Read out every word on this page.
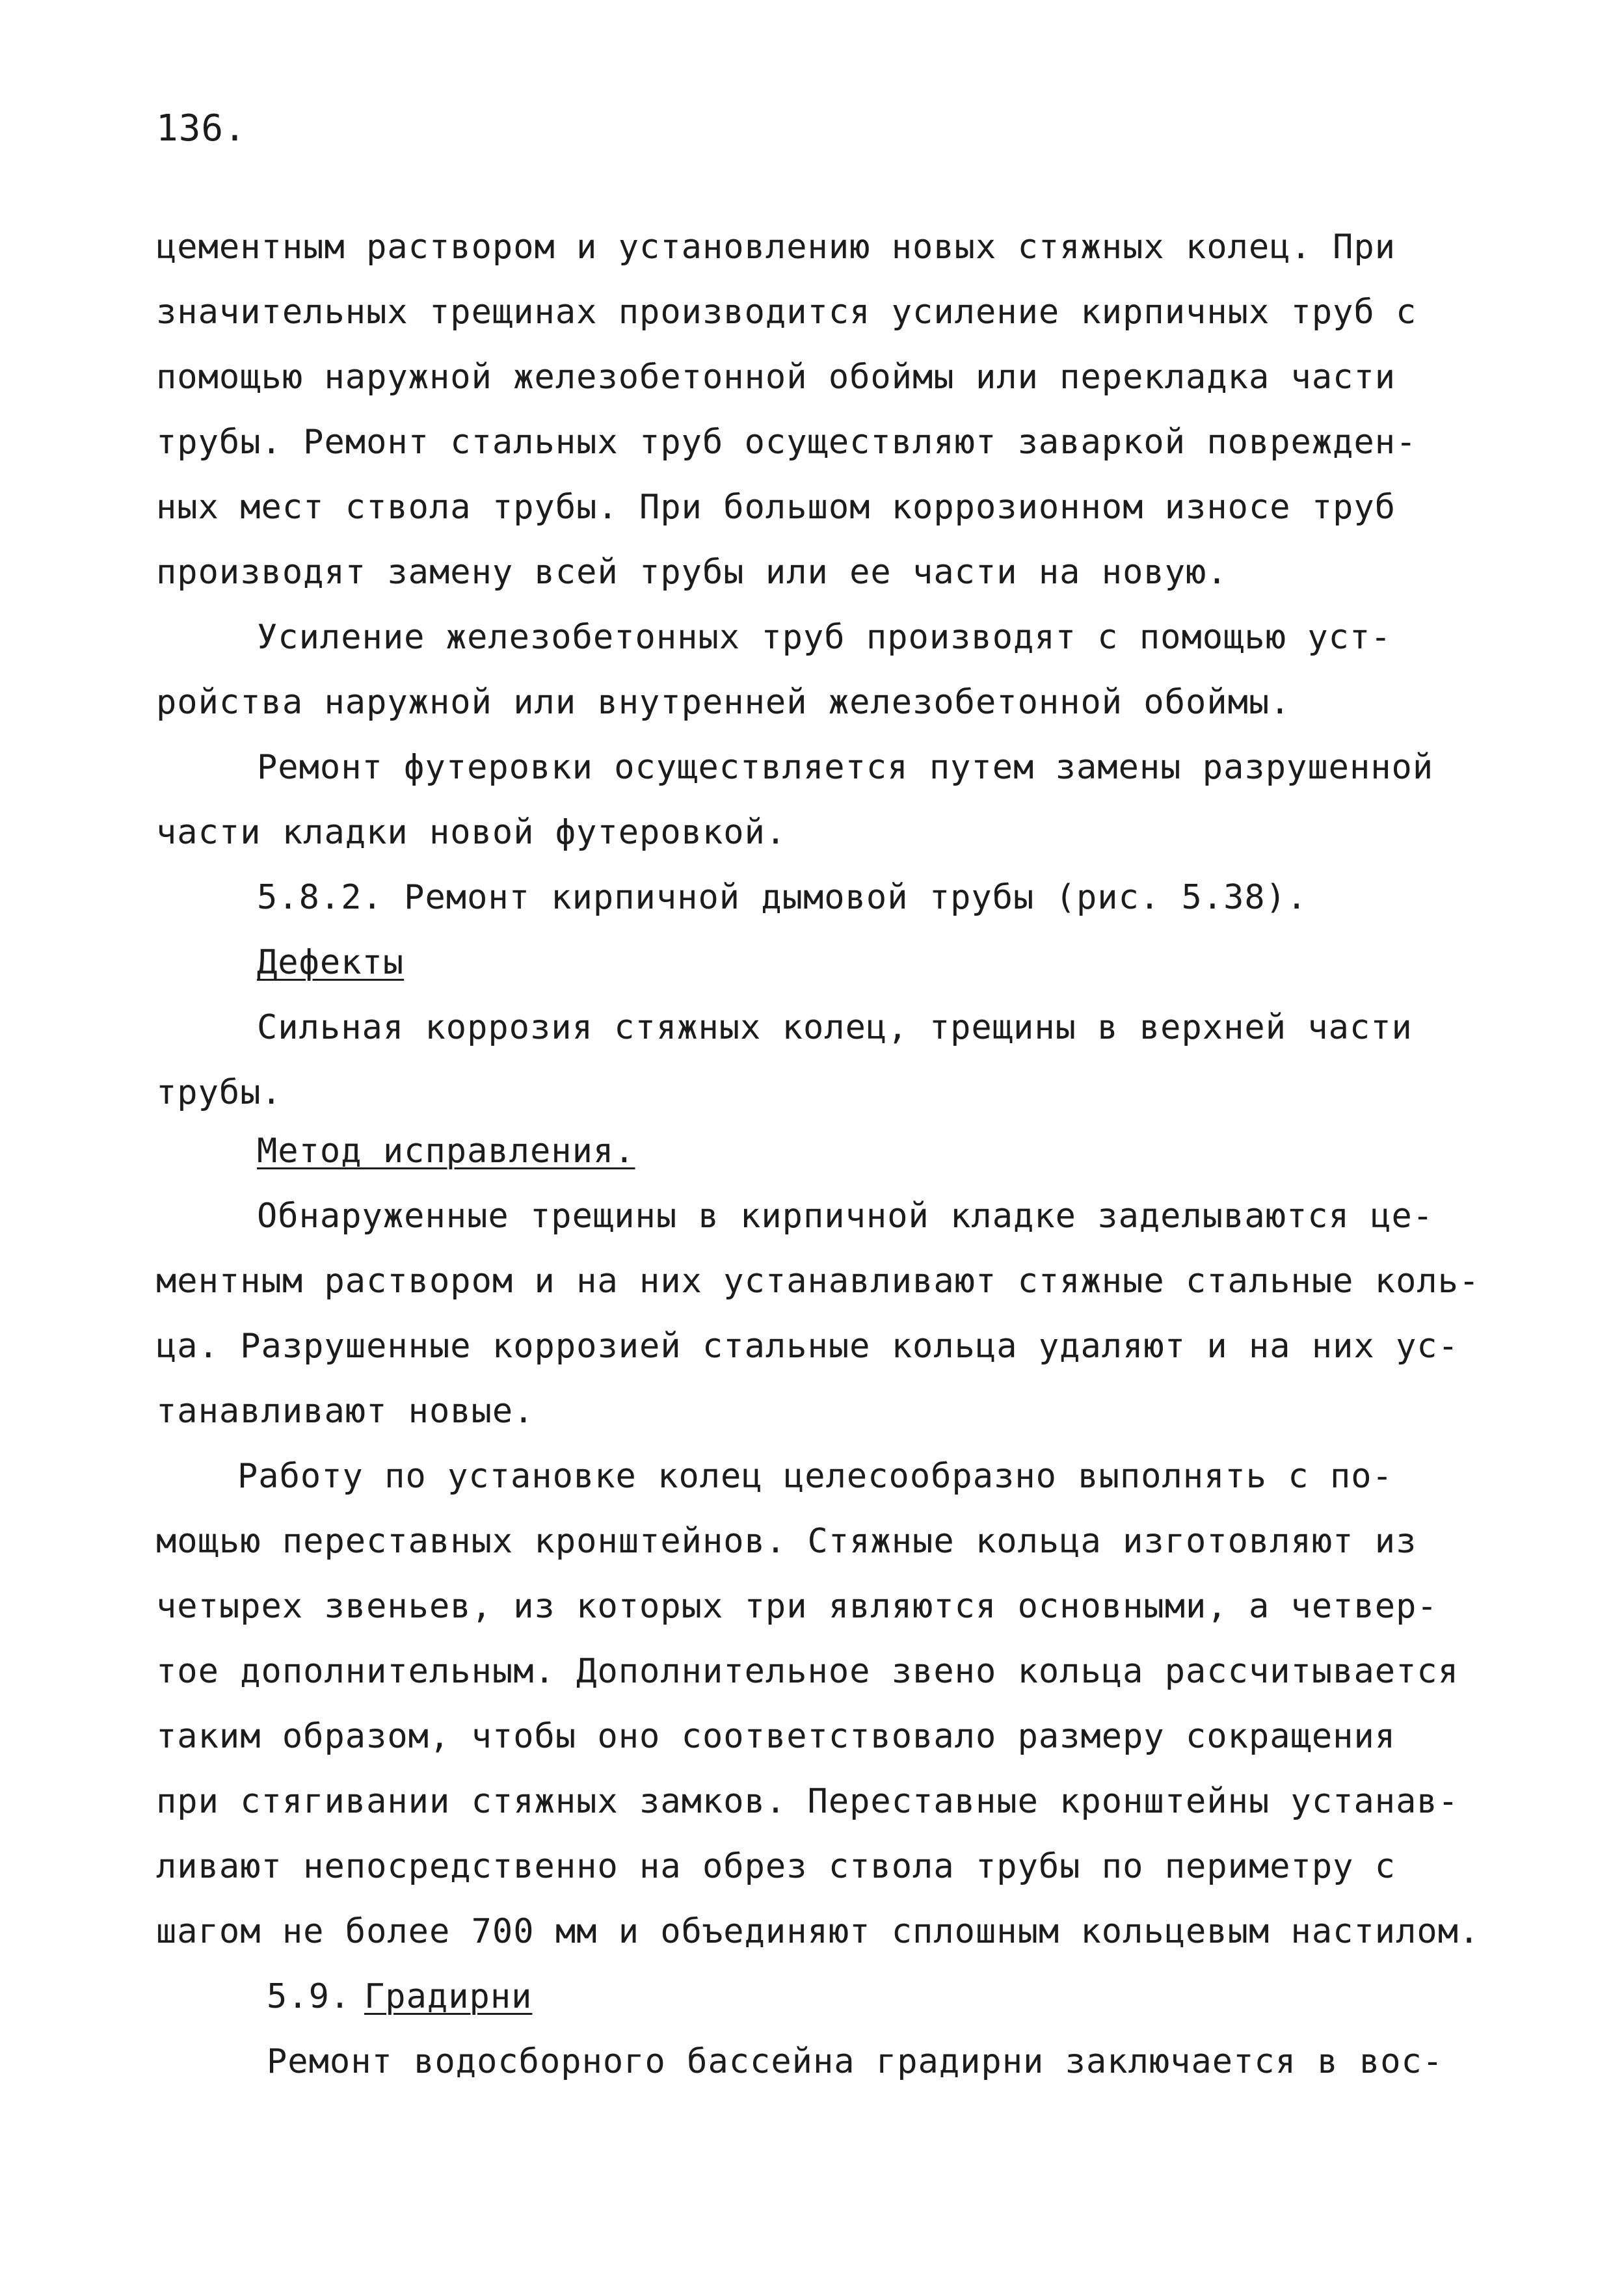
136.
цементным раствором и установлению новых стяжных колец. При
значительных трещинах производится усиление кирпичных труб с
помощью наружной железобетонной обоймы или перекладка части
трубы. Ремонт стальных труб осуществляют заваркой поврежден-
ных мест ствола трубы. При большом коррозионном износе труб
производят замену всей трубы или ее части на новую.
Усиление железобетонных труб производят с помощью уст-
ройства наружной или внутренней железобетонной обоймы.
Ремонт футеровки осуществляется путем замены разрушенной
части кладки новой футеровкой.
5.8.2. Ремонт кирпичной дымовой трубы (рис. 5.38).
Дефекты
Сильная коррозия стяжных колец, трещины в верхней части
трубы.
Метод исправления.
Обнаруженные трещины в кирпичной кладке заделываются це-
ментным раствором и на них устанавливают стяжные стальные коль-
ца. Разрушенные коррозией стальные кольца удаляют и на них ус-
танавливают новые.
Работу по установке колец целесообразно выполнять с по-
мощью переставных кронштейнов. Стяжные кольца изготовляют из
четырех звеньев, из которых три являются основными, а четвер-
тое дополнительным. Дополнительное звено кольца рассчитывается
таким образом, чтобы оно соответствовало размеру сокращения
при стягивании стяжных замков. Переставные кронштейны устанав-
ливают непосредственно на обрез ствола трубы по периметру с
шагом не более 700 мм и объединяют сплошным кольцевым настилом.
5.9.
Градирни
Ремонт водосборного бассейна градирни заключается в вос-
